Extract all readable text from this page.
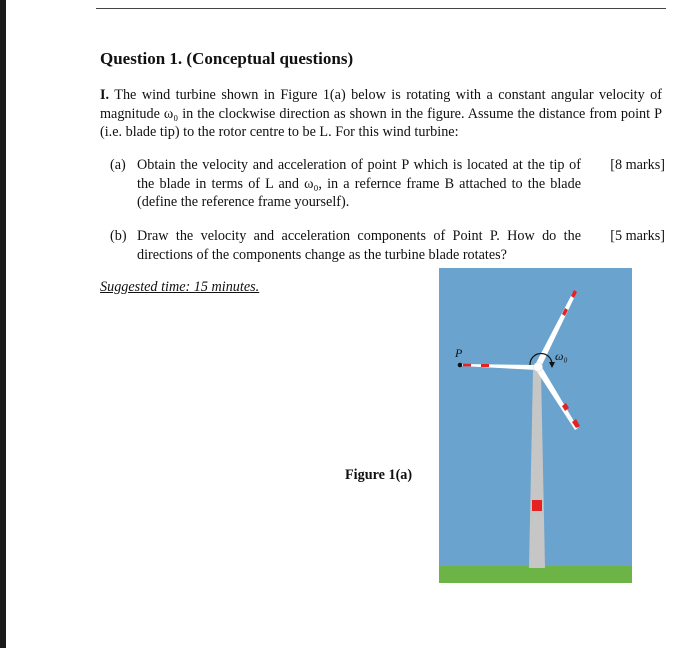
Question 1. (Conceptual questions)
I. The wind turbine shown in Figure 1(a) below is rotating with a constant angular velocity of magnitude ω₀ in the clockwise direction as shown in the figure. Assume the distance from point P (i.e. blade tip) to the rotor centre to be L. For this wind turbine:
(a) Obtain the velocity and acceleration of point P which is located at the tip of the blade in terms of L and ω₀, in a refernce frame B attached to the blade (define the reference frame yourself).
[8 marks]
(b) Draw the velocity and acceleration components of Point P. How do the directions of the components change as the turbine blade rotates?
[5 marks]
Suggested time: 15 minutes.
Figure 1(a)
P	ω₀
